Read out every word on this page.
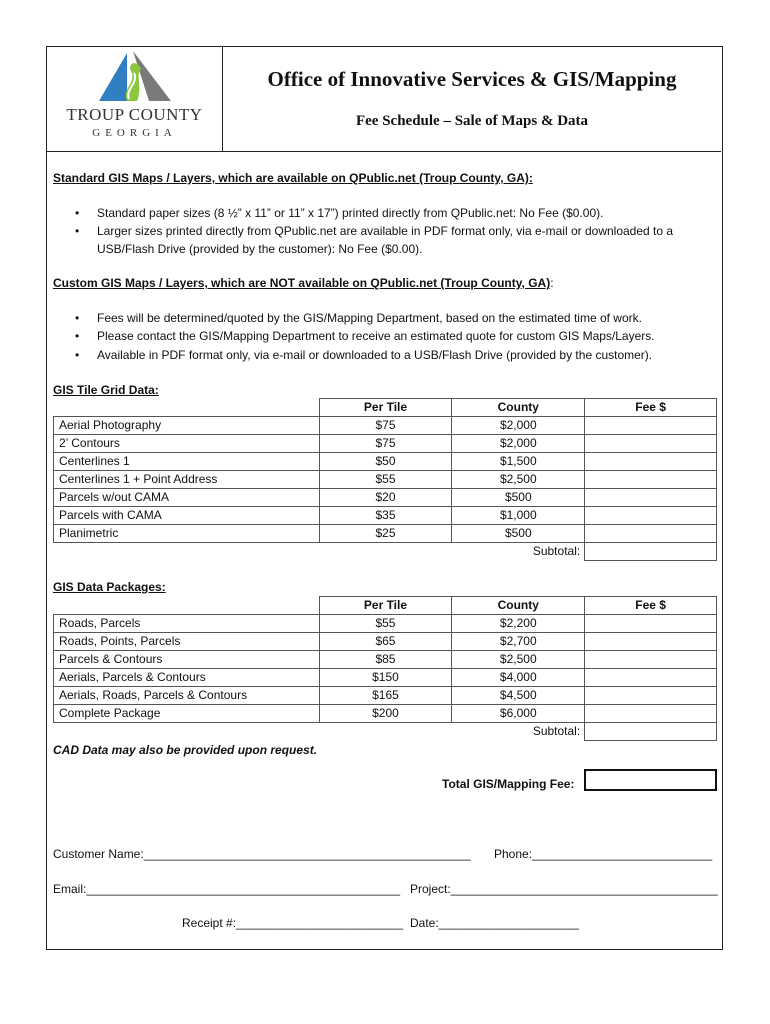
TROUP COUNTY
GEORGIA
Office of Innovative Services & GIS/Mapping
Fee Schedule – Sale of Maps & Data
Standard GIS Maps / Layers, which are available on QPublic.net (Troup County, GA):
• Standard paper sizes (8 ½” x 11” or 11” x 17”) printed directly from QPublic.net: No Fee ($0.00).
• Larger sizes printed directly from QPublic.net are available in PDF format only, via e-mail or downloaded to a
USB/Flash Drive (provided by the customer): No Fee ($0.00).
Custom GIS Maps / Layers, which are NOT available on QPublic.net (Troup County, GA):
• Fees will be determined/quoted by the GIS/Mapping Department, based on the estimated time of work.
• Please contact the GIS/Mapping Department to receive an estimated quote for custom GIS Maps/Layers.
• Available in PDF format only, via e-mail or downloaded to a USB/Flash Drive (provided by the customer).
GIS Tile Grid Data:
	Per Tile	County	Fee $
Aerial Photography	$75	$2,000	
2’ Contours	$75	$2,000	
Centerlines 1	$50	$1,500	
Centerlines 1 + Point Address	$55	$2,500	
Parcels w/out CAMA	$20	$500	
Parcels with CAMA	$35	$1,000	
Planimetric	$25	$500	
		Subtotal:	
GIS Data Packages:
	Per Tile	County	Fee $
Roads, Parcels	$55	$2,200	
Roads, Points, Parcels	$65	$2,700	
Parcels & Contours	$85	$2,500	
Aerials, Parcels & Contours	$150	$4,000	
Aerials, Roads, Parcels & Contours	$165	$4,500	
Complete Package	$200	$6,000	
		Subtotal:	
CAD Data may also be provided upon request.
Total GIS/Mapping Fee:
Customer Name:_________________________________________________ Phone:___________________________
Email:_______________________________________________ Project:________________________________________
Receipt #:_________________________ Date:_____________________
